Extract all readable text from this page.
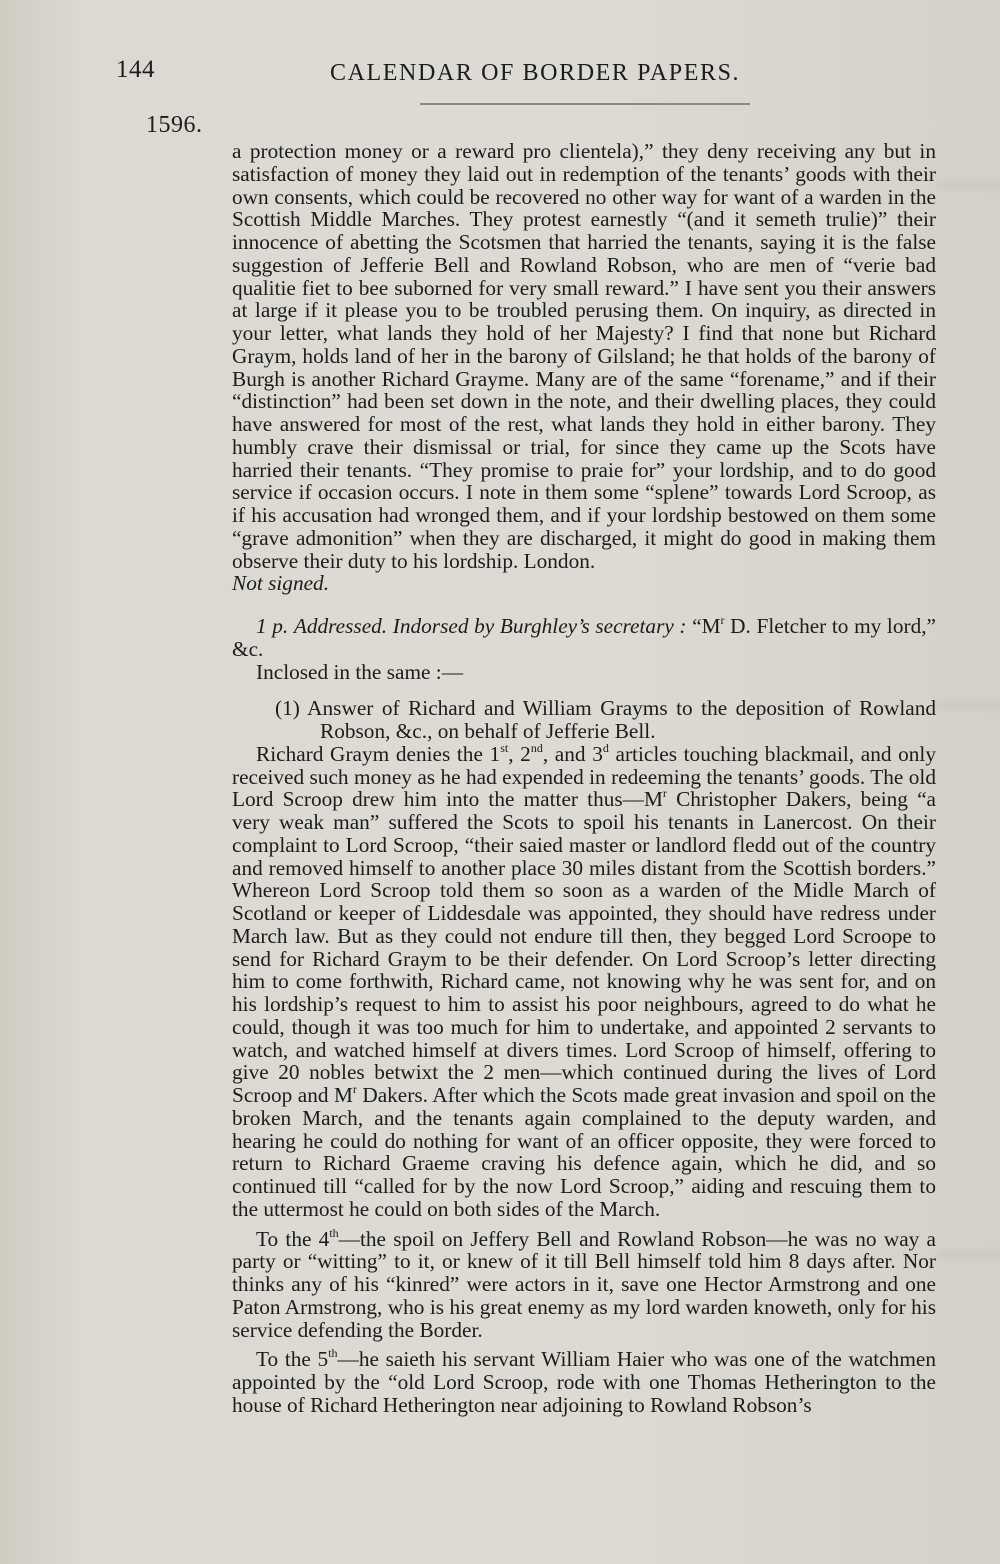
144	CALENDAR OF BORDER PAPERS.
1596.

a protection money or a reward pro clientela),” they deny receiving any but in satisfaction of money they laid out in redemption of the tenants’ goods with their own consents, which could be recovered no other way for want of a warden in the Scottish Middle Marches. They protest earnestly “(and it semeth trulie)” their innocence of abetting the Scotsmen that harried the tenants, saying it is the false suggestion of Jefferie Bell and Rowland Robson, who are men of “verie bad qualitie fiet to bee suborned for very small reward.” I have sent you their answers at large if it please you to be troubled perusing them. On inquiry, as directed in your letter, what lands they hold of her Majesty? I find that none but Richard Graym, holds land of her in the barony of Gilsland; he that holds of the barony of Burgh is another Richard Grayme. Many are of the same “forename,” and if their “distinction” had been set down in the note, and their dwelling places, they could have answered for most of the rest, what lands they hold in either barony. They humbly crave their dismissal or trial, for since they came up the Scots have harried their tenants. “They promise to praie for” your lordship, and to do good service if occasion occurs. I note in them some “splene” towards Lord Scroop, as if his accusation had wronged them, and if your lordship bestowed on them some “grave admonition” when they are discharged, it might do good in making them observe their duty to his lordship. London.

Not signed.

1 p. Addressed. Indorsed by Burghley’s secretary : “$M^r$ D. Fletcher to my lord,” &c.

Inclosed in the same :—

(1) Answer of Richard and William Grayms to the deposition of Rowland Robson, &c., on behalf of Jefferie Bell.

Richard Graym denies the 1st, 2nd, and 3$^d$ articles touching blackmail, and only received such money as he had expended in redeeming the tenants’ goods. The old Lord Scroop drew him into the matter $thus—M^r$ Christopher Dakers, being “a very weak man” suffered the Scots to spoil his tenants in Lanercost. On their complaint to Lord Scroop, “their saied master or landlord fledd out of the country and removed himself to another place 30 miles distant from the Scottish borders.” Whereon Lord Scroop told them so soon as a warden of the Midle March of Scotland or keeper of Liddesdale was appointed, they should have redress under March law. But as they could not endure till then, they begged Lord Scroope to send for Richard Graym to be their defender. On Lord Scroop’s letter directing him to come forthwith, Richard came, not knowing why he was sent for, and on his lordship’s request to him to assist his poor neighbours, agreed to do what he could, though it was too much for him to undertake, and appointed 2 servants to watch, and watched himself at divers times. Lord Scroop of himself, offering to give 20 nobles betwixt the 2 men—which continued during the lives of Lord Scroop and $M^r$ Dakers. After which the Scots made great invasion and spoil on the broken March, and the tenants again complained to the deputy warden, and hearing he could do nothing for want of an officer opposite, they were forced to return to Richard Graeme craving his defence again, which he did, and so continued till “called for by the now Lord Scroop,” aiding and rescuing them to the uttermost he could on both sides of the March.

To the 4th—the spoil on Jeffery Bell and Rowland Robson—he was no way a party or “witting” to it, or knew of it till Bell himself told him 8 days after. Nor thinks any of his “kinred” were actors in it, save one Hector Armstrong and one Paton Armstrong, who is his great enemy as my lord warden knoweth, only for his service defending the Border.

To the 5th—he saieth his servant William Haier who was one of the watchmen appointed by the “old Lord Scroop, rode with one Thomas Hetherington to the house of Richard Hetherington near adjoining to Rowland Robson’s
